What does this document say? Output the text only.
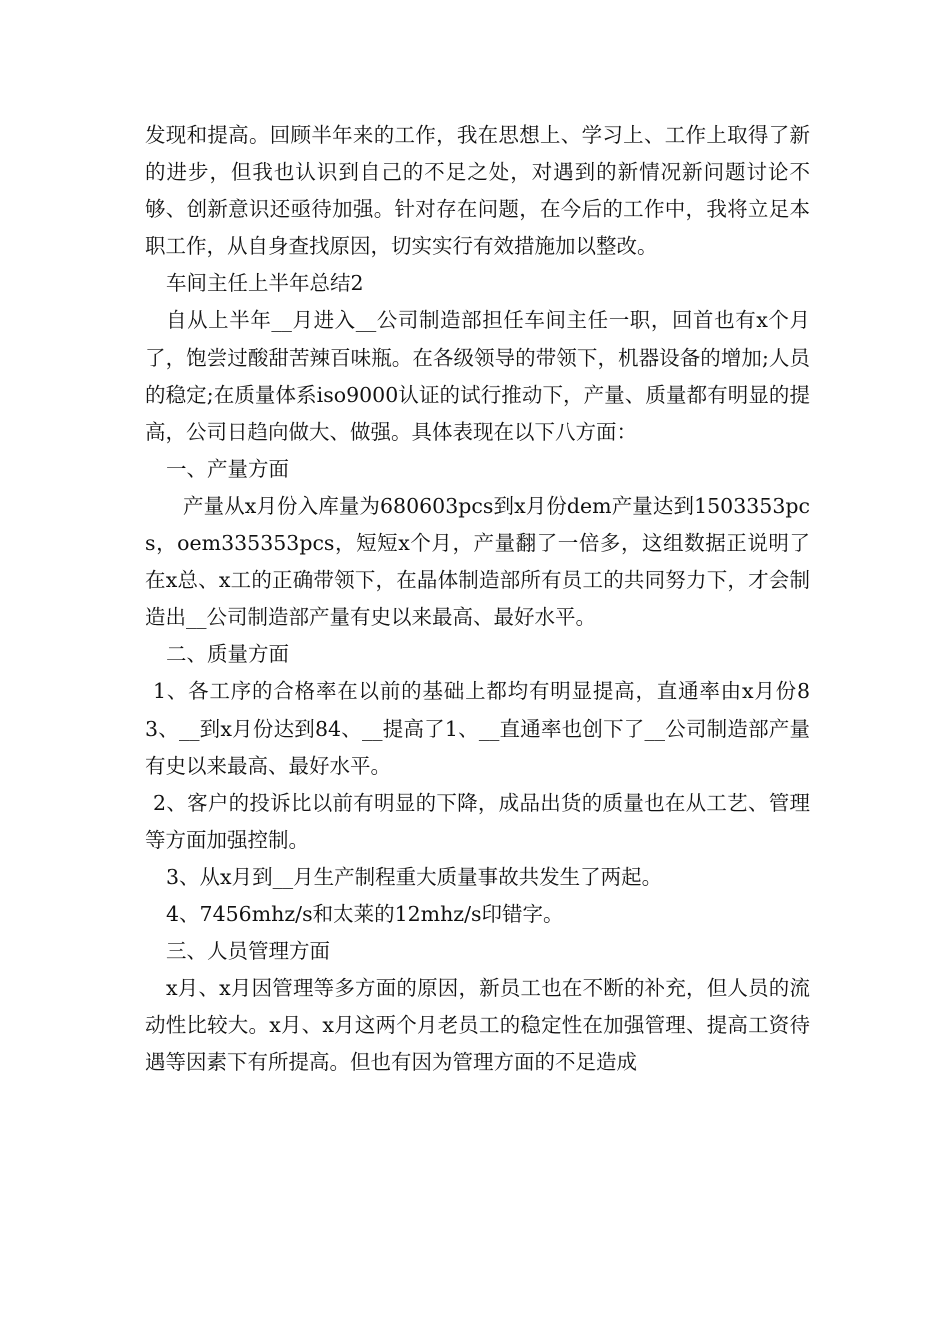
发现和提高。回顾半年来的工作，我在思想上、学习上、工作上取得了新的进步，但我也认识到自己的不足之处，对遇到的新情况新问题讨论不够、创新意识还亟待加强。针对存在问题，在今后的工作中，我将立足本职工作，从自身查找原因，切实实行有效措施加以整改。

车间主任上半年总结2

自从上半年__月进入__公司制造部担任车间主任一职，回首也有x个月了，饱尝过酸甜苦辣百味瓶。在各级领导的带领下，机器设备的增加;人员的稳定;在质量体系iso9000认证的试行推动下，产量、质量都有明显的提高，公司日趋向做大、做强。具体表现在以下八方面：

一、产量方面

产量从x月份入库量为680603pcs到x月份dem产量达到1503353pcs，oem335353pcs，短短x个月，产量翻了一倍多，这组数据正说明了在x总、x工的正确带领下，在晶体制造部所有员工的共同努力下，才会制造出__公司制造部产量有史以来最高、最好水平。

二、质量方面

1、各工序的合格率在以前的基础上都均有明显提高，直通率由x月份83、__到x月份达到84、__提高了1、__直通率也创下了__公司制造部产量有史以来最高、最好水平。

2、客户的投诉比以前有明显的下降，成品出货的质量也在从工艺、管理等方面加强控制。

3、从x月到__月生产制程重大质量事故共发生了两起。

4、7456mhz/s和太莱的12mhz/s印错字。

三、人员管理方面

x月、x月因管理等多方面的原因，新员工也在不断的补充，但人员的流动性比较大。x月、x月这两个月老员工的稳定性在加强管理、提高工资待遇等因素下有所提高。但也有因为管理方面的不足造成
